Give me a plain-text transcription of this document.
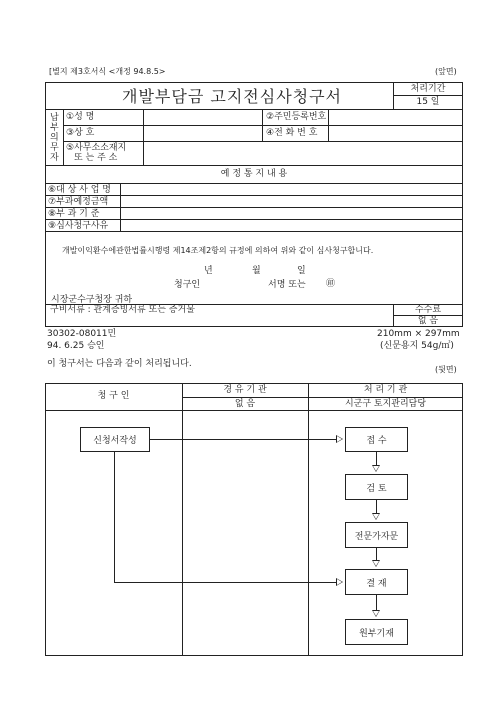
[별지 제3호서식 <개정 94.8.5>	(앞면)
개발부담금 고지전심사청구서	처리기간
15 일
납
부
의
무
자
①성 명	②주민등록번호
③상 호	④전 화 번 호
⑤사무소소재지
또 는 주 소
예 정 통 지 내 용
⑥대 상 사 업 명
⑦부과예정금액
⑧부 과 기 준
⑨심사청구사유
개발이익환수에관한법률시행령 제14조제2항의 규정에 의하여 위와 같이 심사청구합니다.
년	월	일
청구인	서명 또는 ㊞
시장군수구청장 귀하
구비서류 : 관계증빙서류 또는 증거물	수수료
없 음
30302-08011민	210mm × 297mm
94. 6.25 승인	(신문용지 54g/㎡)
이 청구서는 다음과 같이 처리됩니다.
(뒷면)
청 구 인
경 유 기 관	처 리 기 관
없 음	시군구 토지관리담당
신청서작성	접 수
검 토
전문가자문
결 재
원부기재
